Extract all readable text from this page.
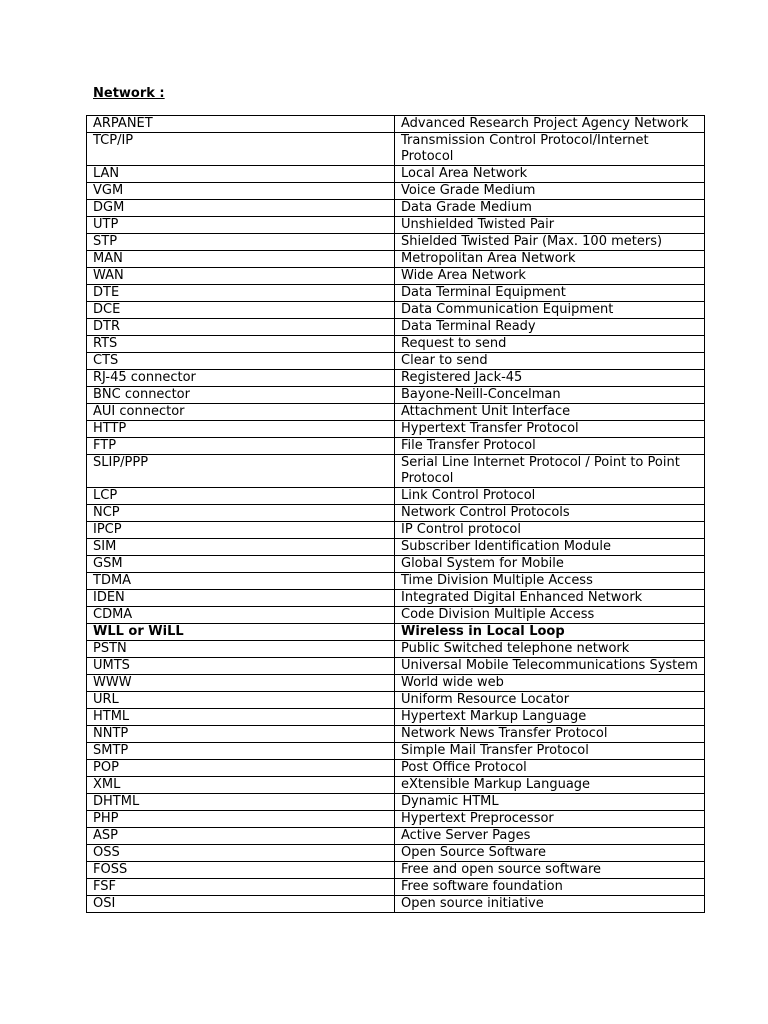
Network :
ARPANET	Advanced Research Project Agency Network
TCP/IP	Transmission Control Protocol/Internet Protocol
LAN	Local Area Network
VGM	Voice Grade Medium
DGM	Data Grade Medium
UTP	Unshielded Twisted Pair
STP	Shielded Twisted Pair (Max. 100 meters)
MAN	Metropolitan Area Network
WAN	Wide Area Network
DTE	Data Terminal Equipment
DCE	Data Communication Equipment
DTR	Data Terminal Ready
RTS	Request to send
CTS	Clear to send
RJ-45 connector	Registered Jack-45
BNC connector	Bayone-Neill-Concelman
AUI connector	Attachment Unit Interface
HTTP	Hypertext Transfer Protocol
FTP	File Transfer Protocol
SLIP/PPP	Serial Line Internet Protocol / Point to Point Protocol
LCP	Link Control Protocol
NCP	Network Control Protocols
IPCP	IP Control protocol
SIM	Subscriber Identification Module
GSM	Global System for Mobile
TDMA	Time Division Multiple Access
IDEN	Integrated Digital Enhanced Network
CDMA	Code Division Multiple Access
WLL or WiLL	Wireless in Local Loop
PSTN	Public Switched telephone network
UMTS	Universal Mobile Telecommunications System
WWW	World wide web
URL	Uniform Resource Locator
HTML	Hypertext Markup Language
NNTP	Network News Transfer Protocol
SMTP	Simple Mail Transfer Protocol
POP	Post Office Protocol
XML	eXtensible Markup Language
DHTML	Dynamic HTML
PHP	Hypertext Preprocessor
ASP	Active Server Pages
OSS	Open Source Software
FOSS	Free and open source software
FSF	Free software foundation
OSI	Open source initiative
